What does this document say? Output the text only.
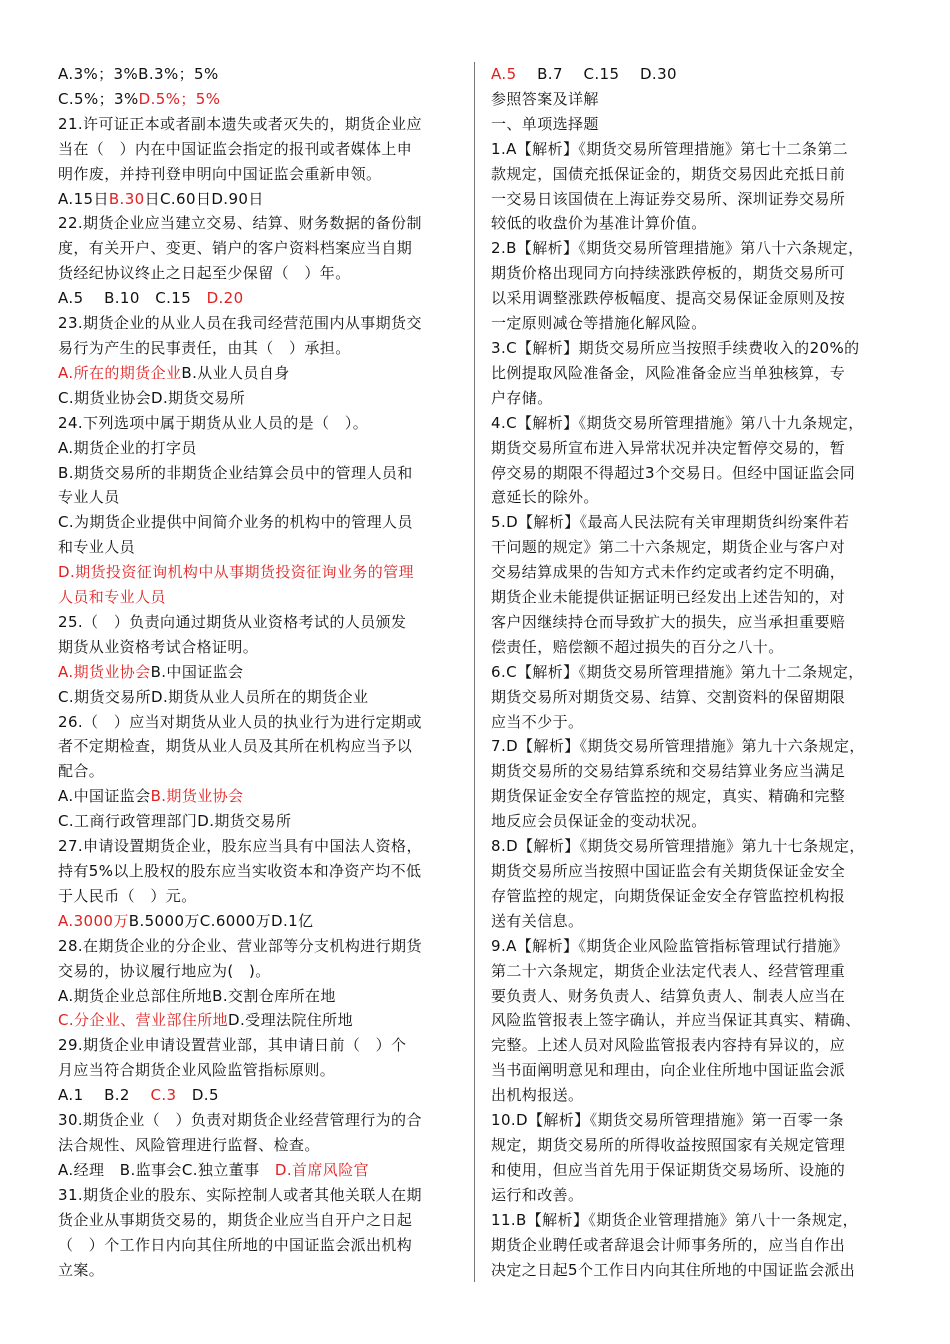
A.3%；3%B.3%；5%
C.5%；3%D.5%；5%
21.许可证正本或者副本遗失或者灭失的，期货企业应
当在（　）内在中国证监会指定的报刊或者媒体上申
明作废，并持刊登申明向中国证监会重新申领。
A.15日B.30日C.60日D.90日
22.期货企业应当建立交易、结算、财务数据的备份制
度，有关开户、变更、销户的客户资料档案应当自期
货经纪协议终止之日起至少保留（　）年。
A.5　 B.10　C.15　D.20
23.期货企业的从业人员在我司经营范围内从事期货交
易行为产生的民事责任，由其（　）承担。
A.所在的期货企业B.从业人员自身
C.期货业协会D.期货交易所
24.下列选项中属于期货从业人员的是（　）。
A.期货企业的打字员
B.期货交易所的非期货企业结算会员中的管理人员和
专业人员
C.为期货企业提供中间简介业务的机构中的管理人员
和专业人员
D.期货投资征询机构中从事期货投资征询业务的管理
人员和专业人员
25.（　）负责向通过期货从业资格考试的人员颁发
期货从业资格考试合格证明。
A.期货业协会B.中国证监会
C.期货交易所D.期货从业人员所在的期货企业
26.（　）应当对期货从业人员的执业行为进行定期或
者不定期检查，期货从业人员及其所在机构应当予以
配合。
A.中国证监会B.期货业协会
C.工商行政管理部门D.期货交易所
27.申请设置期货企业，股东应当具有中国法人资格，
持有5%以上股权的股东应当实收资本和净资产均不低
于人民币（　）元。
A.3000万B.5000万C.6000万D.1亿
28.在期货企业的分企业、营业部等分支机构进行期货
交易的，协议履行地应为(　)。
A.期货企业总部住所地B.交割仓库所在地
C.分企业、营业部住所地D.受理法院住所地
29.期货企业申请设置营业部，其申请日前（　）个
月应当符合期货企业风险监管指标原则。
A.1　 B.2　 C.3　D.5
30.期货企业（　）负责对期货企业经营管理行为的合
法合规性、风险管理进行监督、检查。
A.经理　B.监事会C.独立董事　D.首席风险官
31.期货企业的股东、实际控制人或者其他关联人在期
货企业从事期货交易的，期货企业应当自开户之日起
（　）个工作日内向其住所地的中国证监会派出机构
立案。
A.5　 B.7　 C.15　 D.30
参照答案及详解
一、单项选择题
1.A【解析】《期货交易所管理措施》第七十二条第二
款规定，国债充抵保证金的，期货交易因此充抵日前
一交易日该国债在上海证券交易所、深圳证券交易所
较低的收盘价为基准计算价值。
2.B【解析】《期货交易所管理措施》第八十六条规定，
期货价格出现同方向持续涨跌停板的，期货交易所可
以采用调整涨跌停板幅度、提高交易保证金原则及按
一定原则减仓等措施化解风险。
3.C【解析】期货交易所应当按照手续费收入的20%的
比例提取风险准备金，风险准备金应当单独核算，专
户存储。
4.C【解析】《期货交易所管理措施》第八十九条规定，
期货交易所宣布进入异常状况并决定暂停交易的，暂
停交易的期限不得超过3个交易日。但经中国证监会同
意延长的除外。
5.D【解析】《最高人民法院有关审理期货纠纷案件若
干问题的规定》第二十六条规定，期货企业与客户对
交易结算成果的告知方式未作约定或者约定不明确，
期货企业未能提供证据证明已经发出上述告知的，对
客户因继续持仓而导致扩大的损失，应当承担重要赔
偿责任，赔偿额不超过损失的百分之八十。
6.C【解析】《期货交易所管理措施》第九十二条规定，
期货交易所对期货交易、结算、交割资料的保留期限
应当不少于。
7.D【解析】《期货交易所管理措施》第九十六条规定，
期货交易所的交易结算系统和交易结算业务应当满足
期货保证金安全存管监控的规定，真实、精确和完整
地反应会员保证金的变动状况。
8.D【解析】《期货交易所管理措施》第九十七条规定，
期货交易所应当按照中国证监会有关期货保证金安全
存管监控的规定，向期货保证金安全存管监控机构报
送有关信息。
9.A【解析】《期货企业风险监管指标管理试行措施》
第二十六条规定，期货企业法定代表人、经营管理重
要负责人、财务负责人、结算负责人、制表人应当在
风险监管报表上签字确认，并应当保证其真实、精确、
完整。上述人员对风险监管报表内容持有异议的，应
当书面阐明意见和理由，向企业住所地中国证监会派
出机构报送。
10.D【解析】《期货交易所管理措施》第一百零一条
规定，期货交易所的所得收益按照国家有关规定管理
和使用，但应当首先用于保证期货交易场所、设施的
运行和改善。
11.B【解析】《期货企业管理措施》第八十一条规定，
期货企业聘任或者辞退会计师事务所的，应当自作出
决定之日起5个工作日内向其住所地的中国证监会派出
